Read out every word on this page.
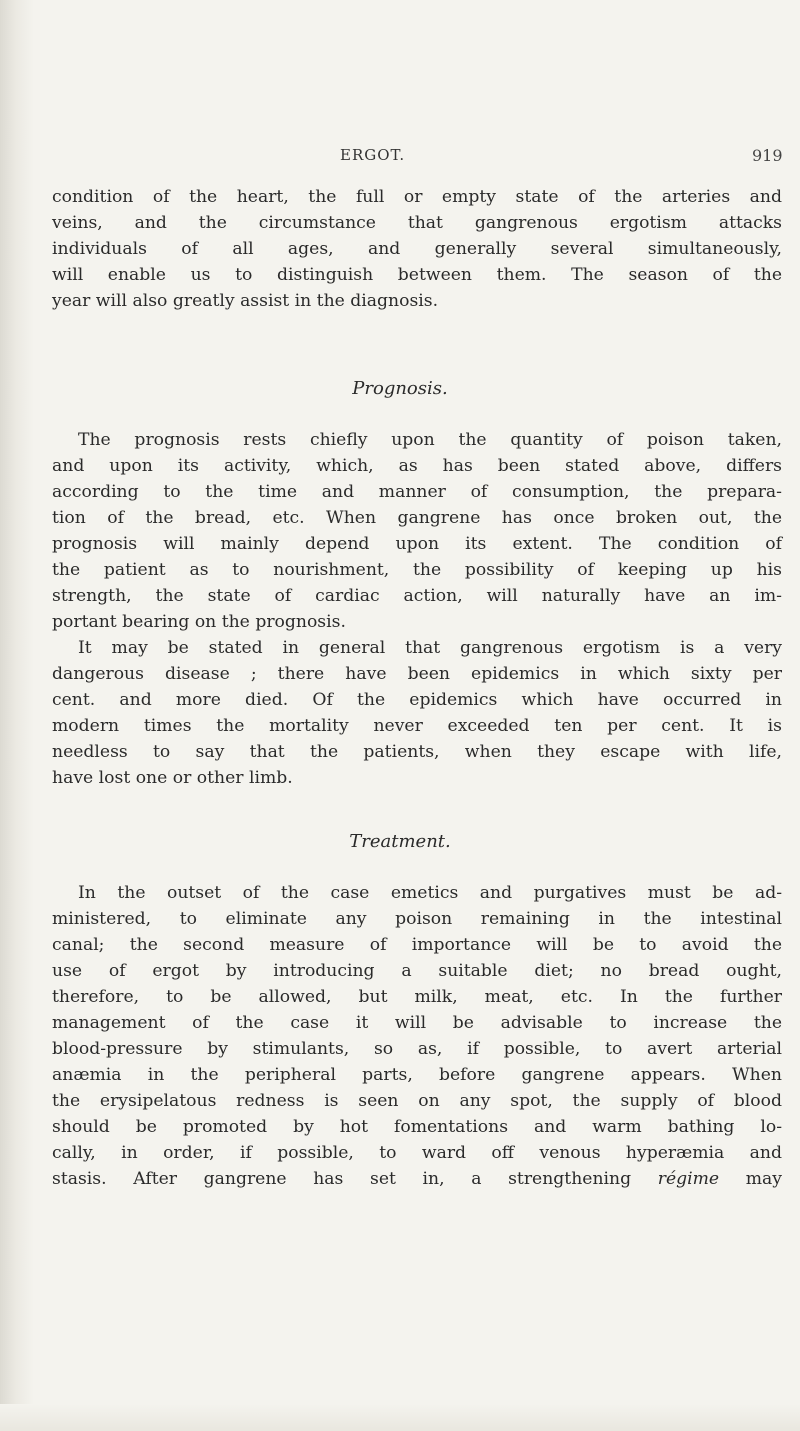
ERGOT.	919

condition of the heart, the full or empty state of the arteries and
veins, and the circumstance that gangrenous ergotism attacks
individuals of all ages, and generally several simultaneously,
will enable us to distinguish between them. The season of the
year will also greatly assist in the diagnosis.

Prognosis.

The prognosis rests chiefly upon the quantity of poison taken,
and upon its activity, which, as has been stated above, differs
according to the time and manner of consumption, the prepara-
tion of the bread, etc. When gangrene has once broken out, the
prognosis will mainly depend upon its extent. The condition of
the patient as to nourishment, the possibility of keeping up his
strength, the state of cardiac action, will naturally have an im-
portant bearing on the prognosis.

It may be stated in general that gangrenous ergotism is a very
dangerous disease ; there have been epidemics in which sixty per
cent. and more died. Of the epidemics which have occurred in
modern times the mortality never exceeded ten per cent. It is
needless to say that the patients, when they escape with life,
have lost one or other limb.

Treatment.

In the outset of the case emetics and purgatives must be ad-
ministered, to eliminate any poison remaining in the intestinal
canal; the second measure of importance will be to avoid the
use of ergot by introducing a suitable diet; no bread ought,
therefore, to be allowed, but milk, meat, etc. In the further
management of the case it will be advisable to increase the
blood-pressure by stimulants, so as, if possible, to avert arterial
anæmia in the peripheral parts, before gangrene appears. When
the erysipelatous redness is seen on any spot, the supply of blood
should be promoted by hot fomentations and warm bathing lo-
cally, in order, if possible, to ward off venous hyperæmia and
stasis. After gangrene has set in, a strengthening régime may
